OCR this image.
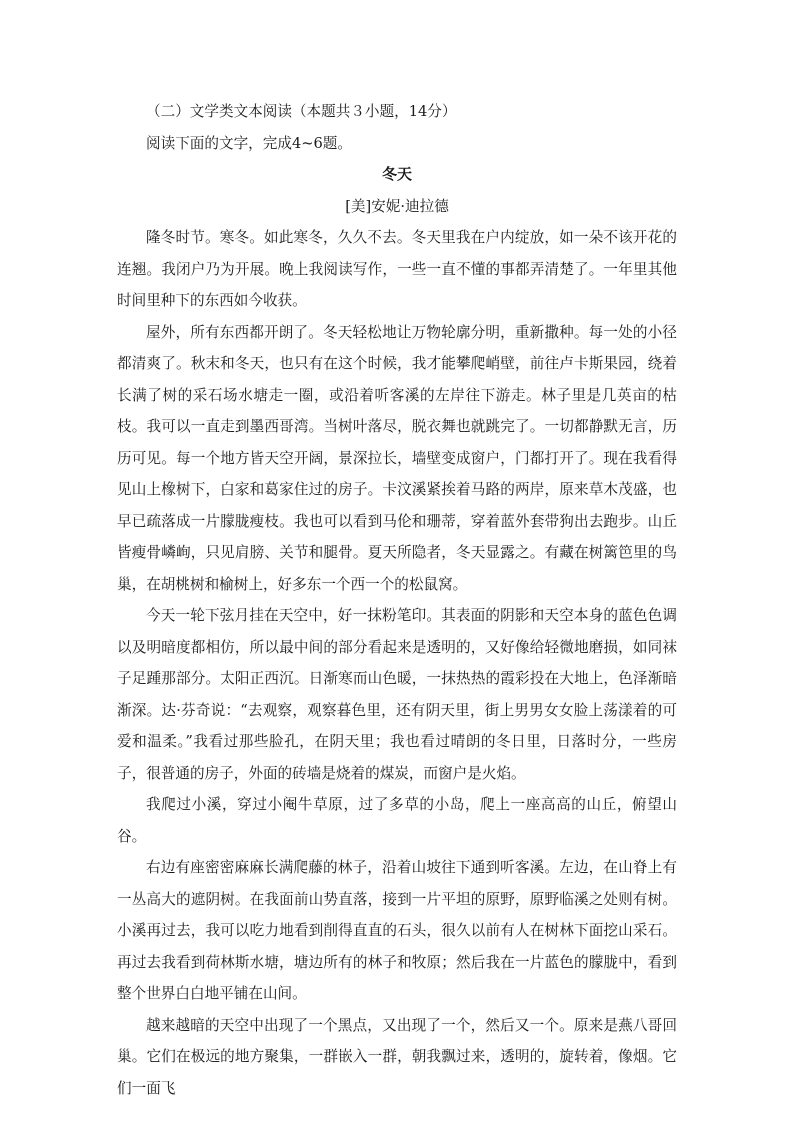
（二）文学类文本阅读（本题共３小题，14分）
阅读下面的文字，完成4~6题。
冬天
[美]安妮·迪拉德
隆冬时节。寒冬。如此寒冬，久久不去。冬天里我在户内绽放，如一朵不该开花的连翘。我闭户乃为开展。晚上我阅读写作，一些一直不懂的事都弄清楚了。一年里其他时间里种下的东西如今收获。
屋外，所有东西都开朗了。冬天轻松地让万物轮廓分明，重新撒种。每一处的小径都清爽了。秋末和冬天，也只有在这个时候，我才能攀爬峭壁，前往卢卡斯果园，绕着长满了树的采石场水塘走一圈，或沿着听客溪的左岸往下游走。林子里是几英亩的枯枝。我可以一直走到墨西哥湾。当树叶落尽，脱衣舞也就跳完了。一切都静默无言，历历可见。每一个地方皆天空开阔，景深拉长，墙壁变成窗户，门都打开了。现在我看得见山上橡树下，白家和葛家住过的房子。卡汶溪紧挨着马路的两岸，原来草木茂盛，也早已疏落成一片朦胧瘦枝。我也可以看到马伦和珊蒂，穿着蓝外套带狗出去跑步。山丘皆瘦骨嶙峋，只见肩膀、关节和腿骨。夏天所隐者，冬天显露之。有藏在树篱笆里的鸟巢，在胡桃树和榆树上，好多东一个西一个的松鼠窝。
今天一轮下弦月挂在天空中，好一抹粉笔印。其表面的阴影和天空本身的蓝色色调以及明暗度都相仿，所以最中间的部分看起来是透明的，又好像给轻微地磨损，如同袜子足踵那部分。太阳正西沉。日渐寒而山色暖，一抹热热的霞彩投在大地上，色泽渐暗渐深。达·芬奇说：“去观察，观察暮色里，还有阴天里，街上男男女女脸上荡漾着的可爱和温柔。”我看过那些脸孔，在阴天里；我也看过晴朗的冬日里，日落时分，一些房子，很普通的房子，外面的砖墙是烧着的煤炭，而窗户是火焰。
我爬过小溪，穿过小阉牛草原，过了多草的小岛，爬上一座高高的山丘，俯望山谷。
右边有座密密麻麻长满爬藤的林子，沿着山坡往下通到听客溪。左边，在山脊上有一丛高大的遮阴树。在我面前山势直落，接到一片平坦的原野，原野临溪之处则有树。小溪再过去，我可以吃力地看到削得直直的石头，很久以前有人在树林下面挖山采石。再过去我看到荷林斯水塘，塘边所有的林子和牧原；然后我在一片蓝色的朦胧中，看到整个世界白白地平铺在山间。
越来越暗的天空中出现了一个黑点，又出现了一个，然后又一个。原来是燕八哥回巢。它们在极远的地方聚集，一群嵌入一群，朝我飘过来，透明的，旋转着，像烟。它们一面飞
